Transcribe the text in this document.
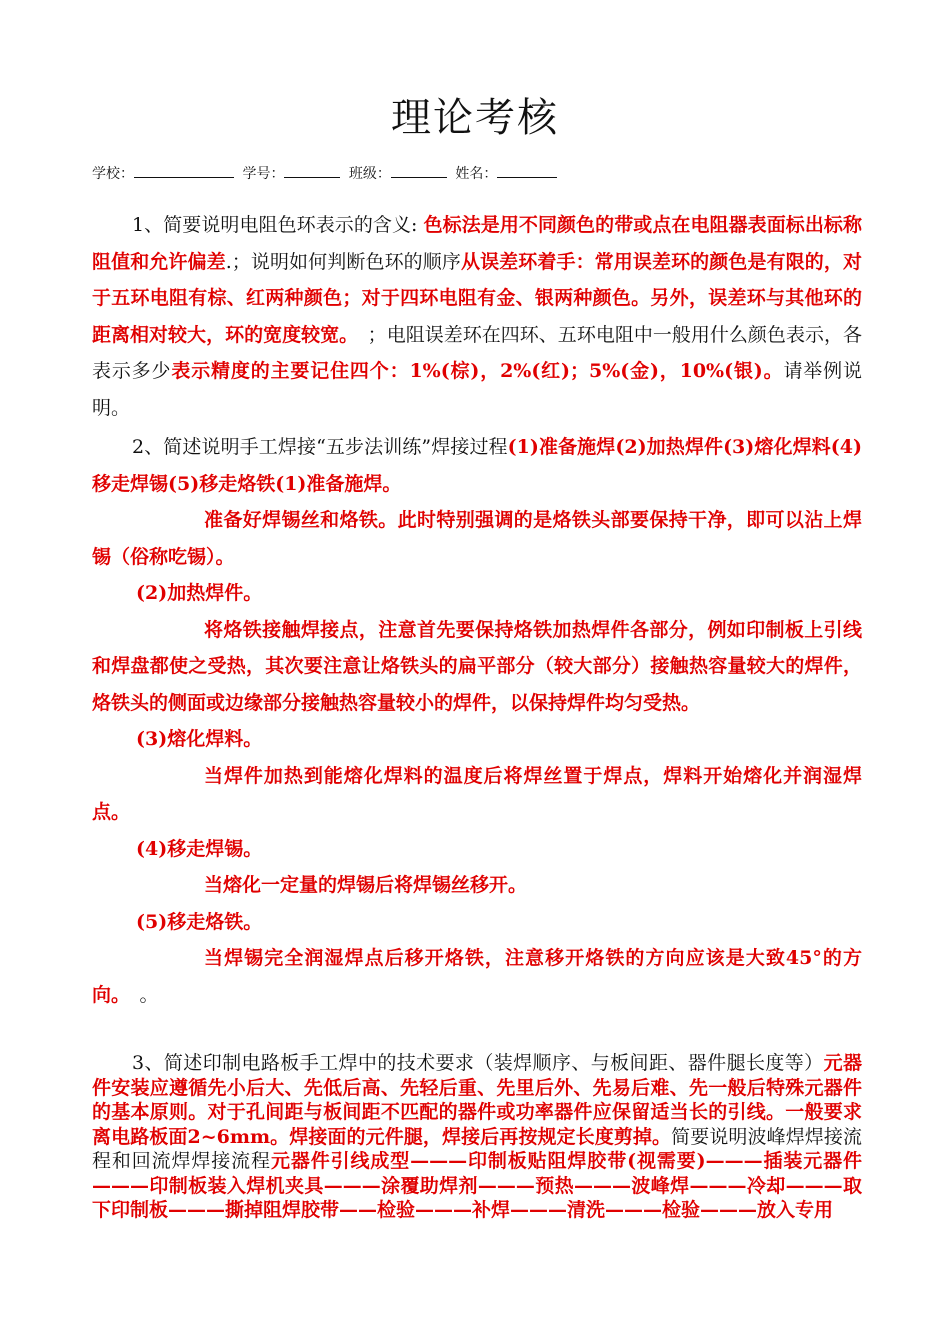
理论考核
学校：	学号：	班级：	姓名：

1、简要说明电阻色环表示的含义: 色标法是用不同颜色的带或点在电阻器表面标出标称阻值和允许偏差.；说明如何判断色环的顺序从误差环着手：常用误差环的颜色是有限的，对于五环电阻有棕、红两种颜色；对于四环电阻有金、银两种颜色。另外，误差环与其他环的距离相对较大，环的宽度较宽。　；电阻误差环在四环、五环电阻中一般用什么颜色表示，各表示多少表示精度的主要记住四个：1%(棕)，2%(红)；5%(金)，10%(银)。请举例说明。

2、简述说明手工焊接“五步法训练”焊接过程(1)准备施焊(2)加热焊件(3)熔化焊料(4)移走焊锡(5)移走烙铁(1)准备施焊。

准备好焊锡丝和烙铁。此时特别强调的是烙铁头部要保持干净，即可以沾上焊锡（俗称吃锡）。

(2)加热焊件。

将烙铁接触焊接点，注意首先要保持烙铁加热焊件各部分，例如印制板上引线和焊盘都使之受热，其次要注意让烙铁头的扁平部分（较大部分）接触热容量较大的焊件，烙铁头的侧面或边缘部分接触热容量较小的焊件，以保持焊件均匀受热。

(3)熔化焊料。

当焊件加热到能熔化焊料的温度后将焊丝置于焊点，焊料开始熔化并润湿焊点。

(4)移走焊锡。

当熔化一定量的焊锡后将焊锡丝移开。

(5)移走烙铁。

当焊锡完全润湿焊点后移开烙铁，注意移开烙铁的方向应该是大致45°的方向。　。

3、简述印制电路板手工焊中的技术要求（装焊顺序、与板间距、器件腿长度等）元器件安装应遵循先小后大、先低后高、先轻后重、先里后外、先易后难、先一般后特殊元器件的基本原则。对于孔间距与板间距不匹配的器件或功率器件应保留适当长的引线。一般要求离电路板面2~6mm。焊接面的元件腿，焊接后再按规定长度剪掉。简要说明波峰焊焊接流程和回流焊焊接流程元器件引线成型———印制板贴阻焊胶带(视需要)———插装元器件———印制板装入焊机夹具———涂覆助焊剂———预热———波峰焊———冷却———取下印制板———撕掉阻焊胶带——检验———补焊———清洗———检验———放入专用
